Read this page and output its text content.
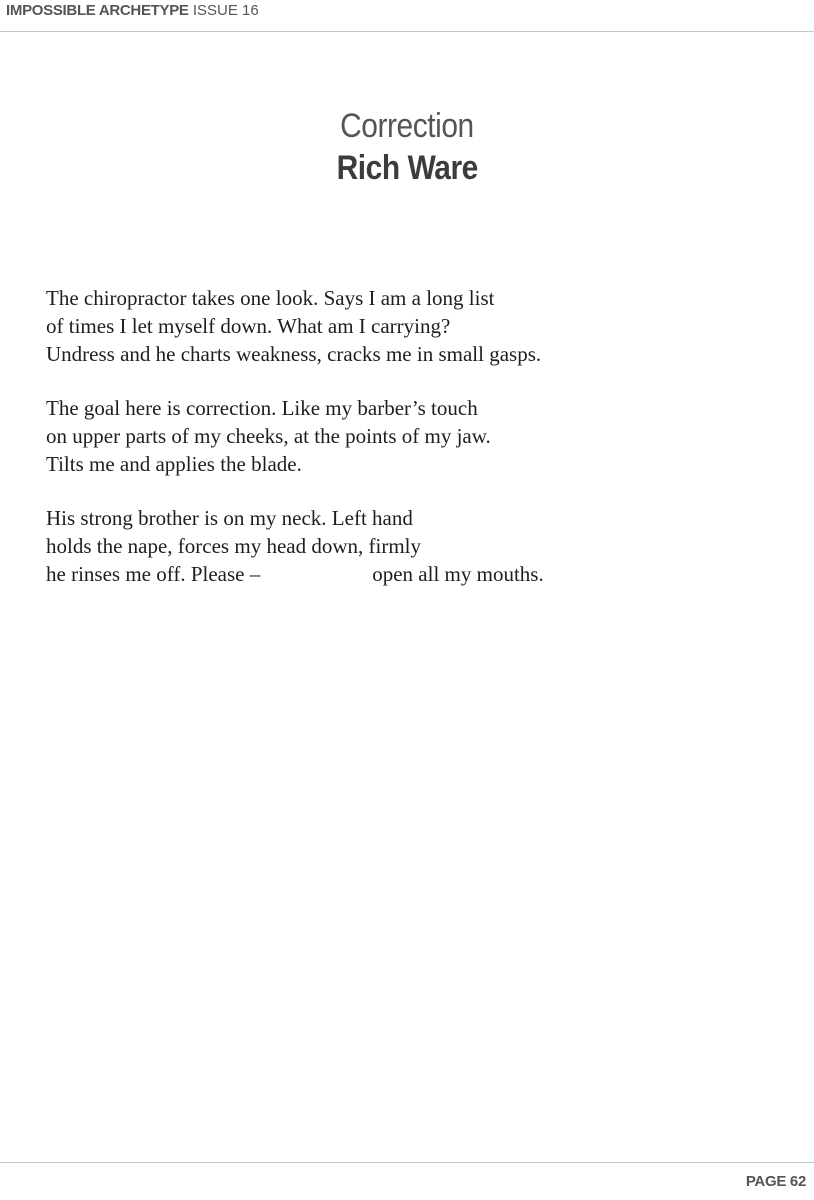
IMPOSSIBLE ARCHETYPE ISSUE 16
Correction
Rich Ware
The chiropractor takes one look. Says I am a long list
of times I let myself down. What am I carrying?
Undress and he charts weakness, cracks me in small gasps.
The goal here is correction. Like my barber’s touch
on upper parts of my cheeks, at the points of my jaw.
Tilts me and applies the blade.
His strong brother is on my neck. Left hand
holds the nape, forces my head down, firmly
he rinses me off. Please –	open all my mouths.
PAGE 62
